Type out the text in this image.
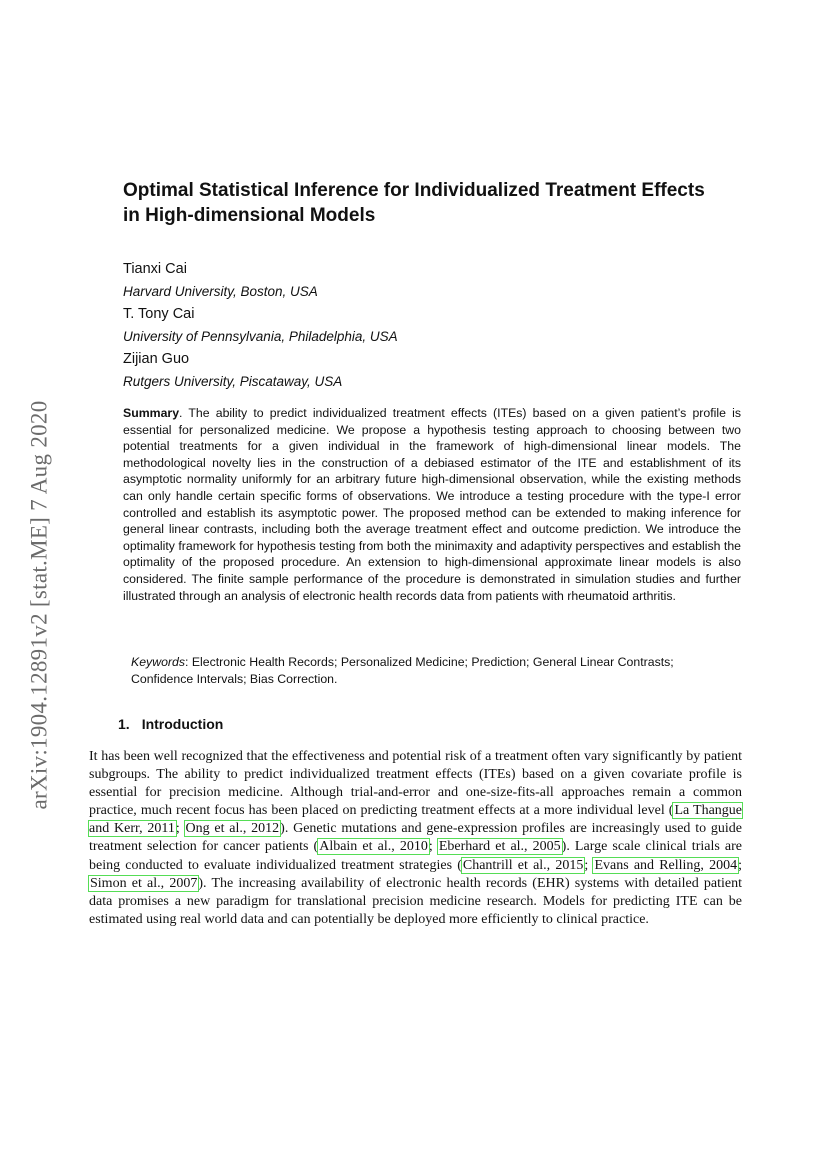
arXiv:1904.12891v2 [stat.ME] 7 Aug 2020
Optimal Statistical Inference for Individualized Treatment Effects
in High-dimensional Models
Tianxi Cai
Harvard University, Boston, USA
T. Tony Cai
University of Pennsylvania, Philadelphia, USA
Zijian Guo
Rutgers University, Piscataway, USA
Summary. The ability to predict individualized treatment effects (ITEs) based on a given patient’s profile is essential for personalized medicine. We propose a hypothesis testing approach to choosing between two potential treatments for a given individual in the framework of high-dimensional linear models. The methodological novelty lies in the construction of a debiased estimator of the ITE and establishment of its asymptotic normality uniformly for an arbitrary future high-dimensional observation, while the existing methods can only handle certain specific forms of observations. We introduce a testing procedure with the type-I error controlled and establish its asymptotic power. The proposed method can be extended to making inference for general linear contrasts, including both the average treatment effect and outcome prediction. We introduce the optimality framework for hypothesis testing from both the minimaxity and adaptivity perspectives and establish the optimality of the proposed procedure. An extension to high-dimensional approximate linear models is also considered. The finite sample performance of the procedure is demonstrated in simulation studies and further illustrated through an analysis of electronic health records data from patients with rheumatoid arthritis.
Keywords: Electronic Health Records; Personalized Medicine; Prediction; General Linear Contrasts; Confidence Intervals; Bias Correction.
1. Introduction
It has been well recognized that the effectiveness and potential risk of a treatment often vary significantly by patient subgroups. The ability to predict individualized treatment effects (ITEs) based on a given covariate profile is essential for precision medicine. Although trial-and-error and one-size-fits-all approaches remain a common practice, much recent focus has been placed on predicting treatment effects at a more individual level (La Thangue and Kerr, 2011; Ong et al., 2012). Genetic mutations and gene-expression profiles are increasingly used to guide treatment selection for cancer patients (Albain et al., 2010; Eberhard et al., 2005). Large scale clinical trials are being conducted to evaluate individualized treatment strategies (Chantrill et al., 2015; Evans and Relling, 2004; Simon et al., 2007). The increasing availability of electronic health records (EHR) systems with detailed patient data promises a new paradigm for translational precision medicine research. Models for predicting ITE can be estimated using real world data and can potentially be deployed more efficiently to clinical practice.
